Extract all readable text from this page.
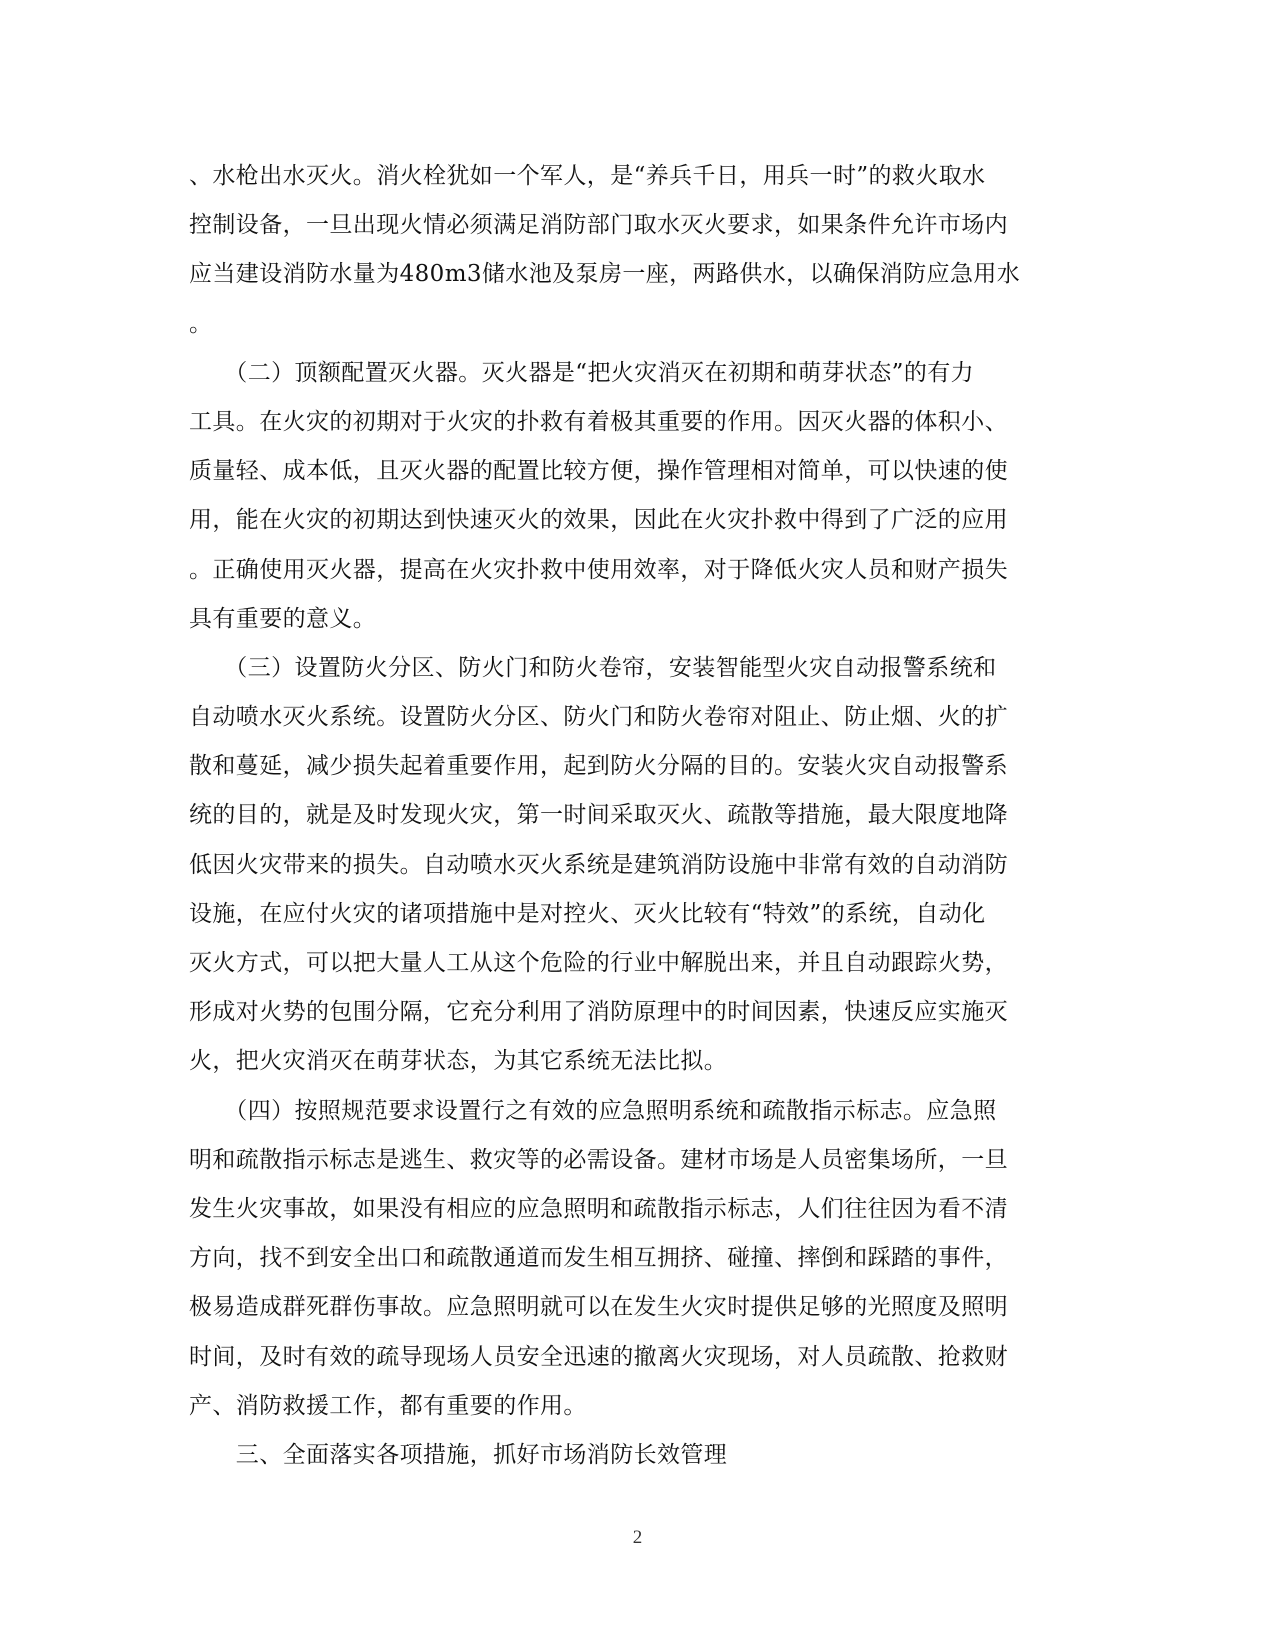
、水枪出水灭火。消火栓犹如一个军人，是“养兵千日，用兵一时”的救火取水
控制设备，一旦出现火情必须满足消防部门取水灭火要求，如果条件允许市场内
应当建设消防水量为480m3储水池及泵房一座，两路供水，以确保消防应急用水
。
　　（二）顶额配置灭火器。灭火器是“把火灾消灭在初期和萌芽状态”的有力
工具。在火灾的初期对于火灾的扑救有着极其重要的作用。因灭火器的体积小、
质量轻、成本低，且灭火器的配置比较方便，操作管理相对简单，可以快速的使
用，能在火灾的初期达到快速灭火的效果，因此在火灾扑救中得到了广泛的应用
。正确使用灭火器，提高在火灾扑救中使用效率，对于降低火灾人员和财产损失
具有重要的意义。
　　（三）设置防火分区、防火门和防火卷帘，安装智能型火灾自动报警系统和
自动喷水灭火系统。设置防火分区、防火门和防火卷帘对阻止、防止烟、火的扩
散和蔓延，减少损失起着重要作用，起到防火分隔的目的。安装火灾自动报警系
统的目的，就是及时发现火灾，第一时间采取灭火、疏散等措施，最大限度地降
低因火灾带来的损失。自动喷水灭火系统是建筑消防设施中非常有效的自动消防
设施，在应付火灾的诸项措施中是对控火、灭火比较有“特效”的系统，自动化
灭火方式，可以把大量人工从这个危险的行业中解脱出来，并且自动跟踪火势，
形成对火势的包围分隔，它充分利用了消防原理中的时间因素，快速反应实施灭
火，把火灾消灭在萌芽状态，为其它系统无法比拟。
　　（四）按照规范要求设置行之有效的应急照明系统和疏散指示标志。应急照
明和疏散指示标志是逃生、救灾等的必需设备。建材市场是人员密集场所，一旦
发生火灾事故，如果没有相应的应急照明和疏散指示标志，人们往往因为看不清
方向，找不到安全出口和疏散通道而发生相互拥挤、碰撞、摔倒和踩踏的事件，
极易造成群死群伤事故。应急照明就可以在发生火灾时提供足够的光照度及照明
时间，及时有效的疏导现场人员安全迅速的撤离火灾现场，对人员疏散、抢救财
产、消防救援工作，都有重要的作用。
　　三、全面落实各项措施，抓好市场消防长效管理
2
